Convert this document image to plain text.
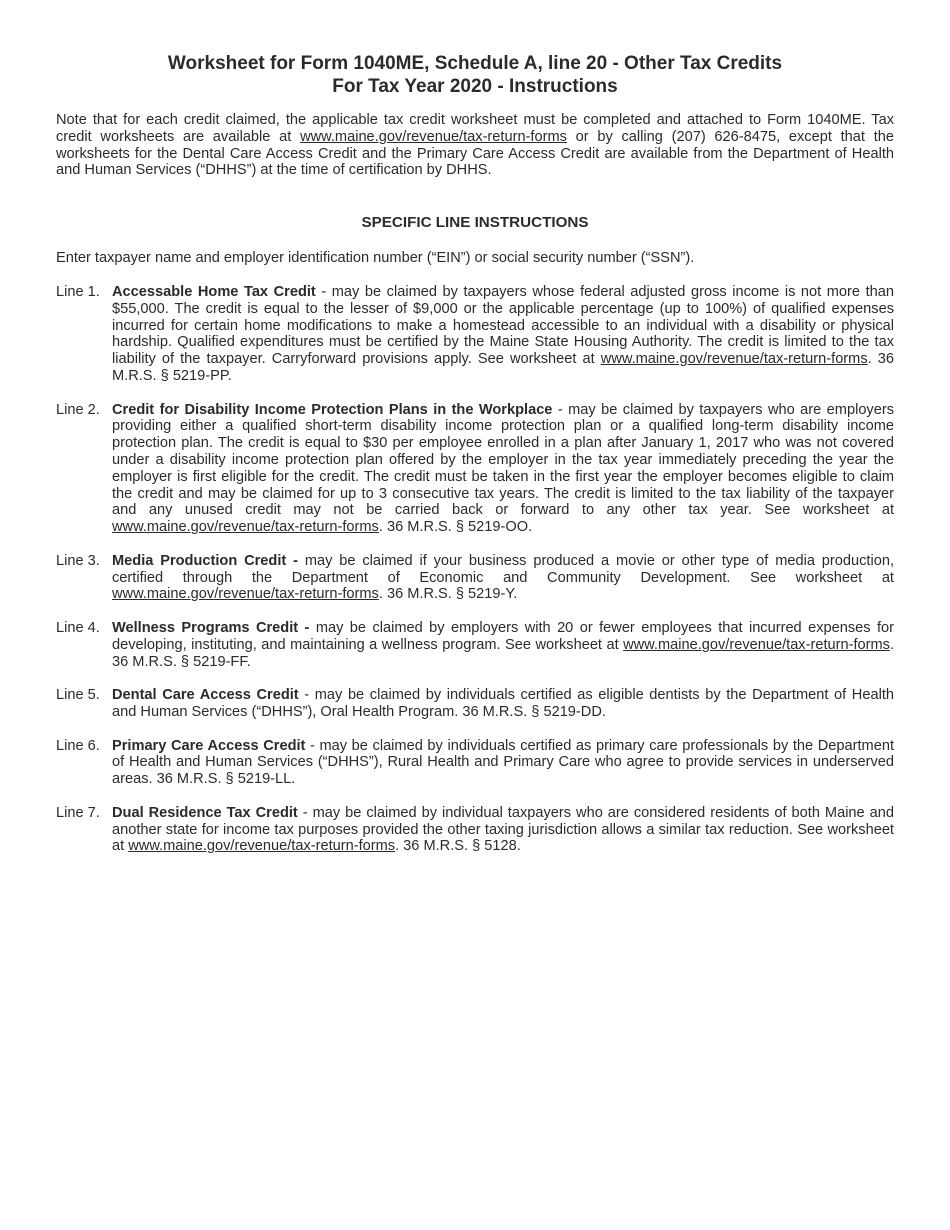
Worksheet for Form 1040ME, Schedule A, line 20 - Other Tax Credits
For Tax Year 2020 - Instructions
Note that for each credit claimed, the applicable tax credit worksheet must be completed and attached to Form 1040ME. Tax credit worksheets are available at www.maine.gov/revenue/tax-return-forms or by calling (207) 626-8475, except that the worksheets for the Dental Care Access Credit and the Primary Care Access Credit are available from the Department of Health and Human Services (“DHHS”) at the time of certification by DHHS.
SPECIFIC LINE INSTRUCTIONS
Enter taxpayer name and employer identification number (“EIN”) or social security number (“SSN”).
Line 1. Accessable Home Tax Credit - may be claimed by taxpayers whose federal adjusted gross income is not more than $55,000. The credit is equal to the lesser of $9,000 or the applicable percentage (up to 100%) of qualified expenses incurred for certain home modifications to make a homestead accessible to an individual with a disability or physical hardship. Qualified expenditures must be certified by the Maine State Housing Authority. The credit is limited to the tax liability of the taxpayer. Carryforward provisions apply. See worksheet at www.maine.gov/revenue/tax-return-forms. 36 M.R.S. § 5219-PP.
Line 2. Credit for Disability Income Protection Plans in the Workplace - may be claimed by taxpayers who are employers providing either a qualified short-term disability income protection plan or a qualified long-term disability income protection plan. The credit is equal to $30 per employee enrolled in a plan after January 1, 2017 who was not covered under a disability income protection plan offered by the employer in the tax year immediately preceding the year the employer is first eligible for the credit. The credit must be taken in the first year the employer becomes eligible to claim the credit and may be claimed for up to 3 consecutive tax years. The credit is limited to the tax liability of the taxpayer and any unused credit may not be carried back or forward to any other tax year. See worksheet at www.maine.gov/revenue/tax-return-forms. 36 M.R.S. § 5219-OO.
Line 3. Media Production Credit - may be claimed if your business produced a movie or other type of media production, certified through the Department of Economic and Community Development. See worksheet at www.maine.gov/revenue/tax-return-forms. 36 M.R.S. § 5219-Y.
Line 4. Wellness Programs Credit - may be claimed by employers with 20 or fewer employees that incurred expenses for developing, instituting, and maintaining a wellness program. See worksheet at www.maine.gov/revenue/tax-return-forms. 36 M.R.S. § 5219-FF.
Line 5. Dental Care Access Credit - may be claimed by individuals certified as eligible dentists by the Department of Health and Human Services (“DHHS”), Oral Health Program. 36 M.R.S. § 5219-DD.
Line 6. Primary Care Access Credit - may be claimed by individuals certified as primary care professionals by the Department of Health and Human Services (“DHHS”), Rural Health and Primary Care who agree to provide services in underserved areas. 36 M.R.S. § 5219-LL.
Line 7. Dual Residence Tax Credit - may be claimed by individual taxpayers who are considered residents of both Maine and another state for income tax purposes provided the other taxing jurisdiction allows a similar tax reduction. See worksheet at www.maine.gov/revenue/tax-return-forms. 36 M.R.S. § 5128.
